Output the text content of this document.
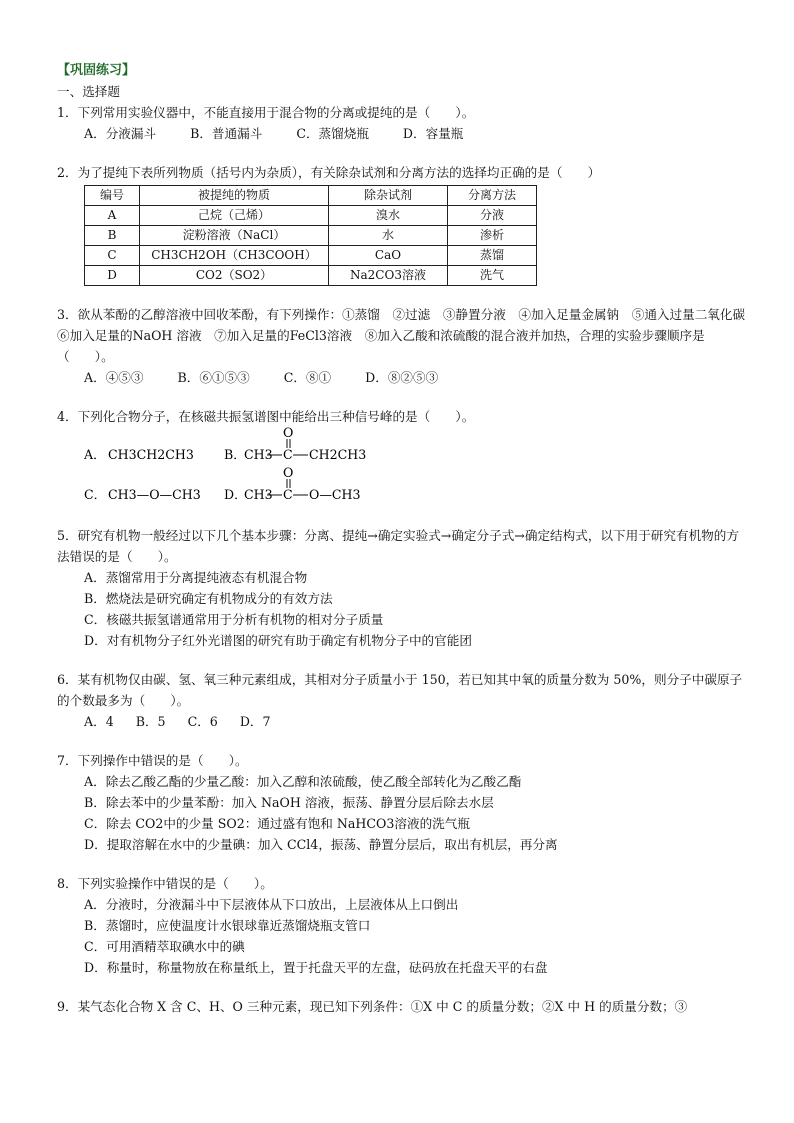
【巩固练习】
一、选择题
1．下列常用实验仪器中，不能直接用于混合物的分离或提纯的是（　　）。
A．分液漏斗	B．普通漏斗	C．蒸馏烧瓶	D．容量瓶
2．为了提纯下表所列物质（括号内为杂质），有关除杂试剂和分离方法的选择均正确的是（　　）
编号	被提纯的物质	除杂试剂	分离方法
A	己烷（己烯）	溴水	分液
B	淀粉溶液（NaCl）	水	渗析
C	CH3CH2OH（CH3COOH）	CaO	蒸馏
D	CO2（SO2）	Na2CO3溶液	洗气
3．欲从苯酚的乙醇溶液中回收苯酚，有下列操作：①蒸馏　②过滤　③静置分液　④加入足量金属钠　⑤通入过量二氧化碳　⑥加入足量的NaOH 溶液　⑦加入足量的FeCl3溶液　⑧加入乙酸和浓硫酸的混合液并加热，合理的实验步骤顺序是（　　）。
A．④⑤③	B．⑥①⑤③	C．⑧①	D．⑧②⑤③
4．下列化合物分子，在核磁共振氢谱图中能给出三种信号峰的是（　　）。
A． CH3CH2CH3 B．
CH3 C
O
CH2CH3
C． CH3—O—CH3 D．
CH3 C
O
O—CH3
5．研究有机物一般经过以下几个基本步骤：分离、提纯→确定实验式→确定分子式→确定结构式，以下用于研究有机物的方法错误的是（　　）。
A．蒸馏常用于分离提纯液态有机混合物
B．燃烧法是研究确定有机物成分的有效方法
C．核磁共振氢谱通常用于分析有机物的相对分子质量
D．对有机物分子红外光谱图的研究有助于确定有机物分子中的官能团
6．某有机物仅由碳、氢、氧三种元素组成，其相对分子质量小于 150，若已知其中氧的质量分数为 50%，则分子中碳原子的个数最多为（　　）。
A．4 B．5 C．6 D．7
7．下列操作中错误的是（　　）。
A．除去乙酸乙酯的少量乙酸：加入乙醇和浓硫酸，使乙酸全部转化为乙酸乙酯
B．除去苯中的少量苯酚：加入 NaOH 溶液，振荡、静置分层后除去水层
C．除去 CO2中的少量 SO2：通过盛有饱和 NaHCO3溶液的洗气瓶
D．提取溶解在水中的少量碘：加入 CCl4，振荡、静置分层后，取出有机层，再分离
8．下列实验操作中错误的是（　　）。
A．分液时，分液漏斗中下层液体从下口放出，上层液体从上口倒出
B．蒸馏时，应使温度计水银球靠近蒸馏烧瓶支管口
C．可用酒精萃取碘水中的碘
D．称量时，称量物放在称量纸上，置于托盘天平的左盘，砝码放在托盘天平的右盘
9．某气态化合物 X 含 C、H、O 三种元素，现已知下列条件：①X 中 C 的质量分数；②X 中 H 的质量分数；③
